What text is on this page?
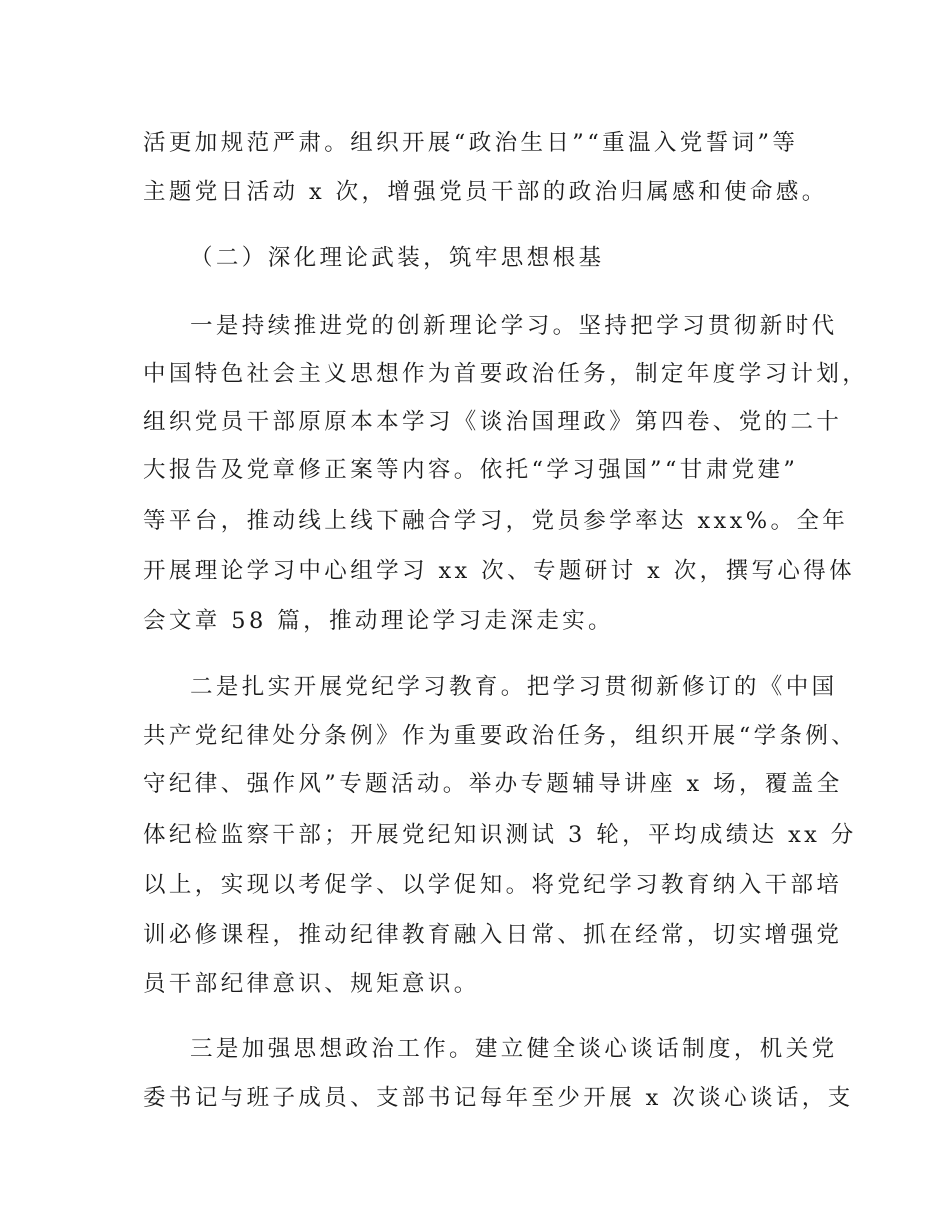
活更加规范严肃。组织开展“政治生日”“重温入党誓词”等
主题党日活动 x 次，增强党员干部的政治归属感和使命感。
（二）深化理论武装，筑牢思想根基
一是持续推进党的创新理论学习。坚持把学习贯彻新时代
中国特色社会主义思想作为首要政治任务，制定年度学习计划，
组织党员干部原原本本学习《谈治国理政》第四卷、党的二十
大报告及党章修正案等内容。依托“学习强国”“甘肃党建”
等平台，推动线上线下融合学习，党员参学率达 xxx%。全年
开展理论学习中心组学习 xx 次、专题研讨 x 次，撰写心得体
会文章 58 篇，推动理论学习走深走实。
二是扎实开展党纪学习教育。把学习贯彻新修订的《中国
共产党纪律处分条例》作为重要政治任务，组织开展“学条例、
守纪律、强作风”专题活动。举办专题辅导讲座 x 场，覆盖全
体纪检监察干部；开展党纪知识测试 3 轮，平均成绩达 xx 分
以上，实现以考促学、以学促知。将党纪学习教育纳入干部培
训必修课程，推动纪律教育融入日常、抓在经常，切实增强党
员干部纪律意识、规矩意识。
三是加强思想政治工作。建立健全谈心谈话制度，机关党
委书记与班子成员、支部书记每年至少开展 x 次谈心谈话，支
